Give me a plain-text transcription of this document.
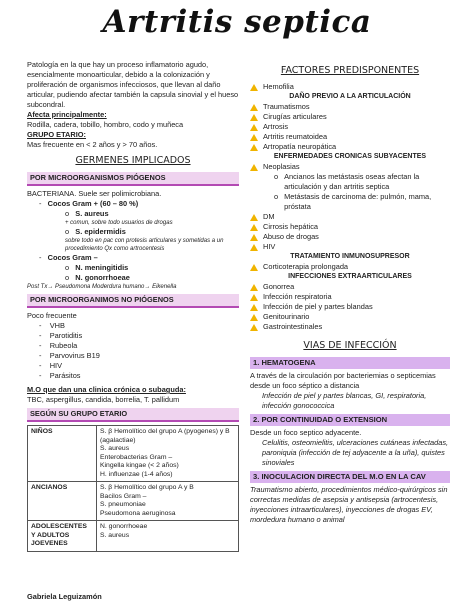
Artritis septica

Patología en la que hay un proceso inflamatorio agudo, esencialmente monoarticular, debido a la colonización y proliferación de organismos infecciosos, que llevan al daño articular, pudiendo afectar también la capsula sinovial y el hueso subcondral.

Afecta principalmente:

Rodilla, cadera, tobillo, hombro, codo y muñeca

GRUPO ETARIO:

Mas frecuente en < 2 años y > 70 años.

GERMENES IMPLICADOS
POR MICROORGANISMOS PIÓGENOS

BACTERIANA. Suele ser polimicrobiana.

-   Cocos Gram + (60 – 80 %)

o   S. aureus

+ comun, sobre todo usuarios de drogas

o   S. epidermidis

sobre todo en pac con protesis articulares y sometidas a un procedimiento Qx como artrocentesis

-   Cocos Gram –

o   N. meningitidis

o   N. gonorrhoeae

Post Tx→ Pseudomona Moderdura humano→ Eikenella

POR MICROORGANIMOS NO PIÓGENOS

Poco frecuente

-    VHB

-    Parotiditis

-    Rubeola

-    Parvovirus B19

-    HIV

-    Parásitos

M.O que dan una clinica crónica o subaguda:

TBC, aspergillus, candida, borrelia, T. pallidum

SEGÚN SU GRUPO ETARIO
NIÑOS	S. β Hemolítico del grupo A (pyogenes) y B (agalactiae)
S. aureus
Enterobacterias Gram –
Kingella kingae (< 2 años)
H. influenzae (1-4 años)

ANCIANOS	S. β Hemolítico del grupo A y B
Bacilos Gram –
S. pneumoniae
Pseudomona aeruginosa

ADOLESCENTES Y ADULTOS JOEVENES	N. gonorrhoeae
S. aureus
Gabriela Leguizamón
FACTORES PREDISPONENTES
Hemofilia
DAÑO PREVIO A LA ARTICULACIÓN
Traumatismos
Cirugías articulares
Artrosis
Artritis reumatoidea
Artropatía neuropática
ENFERMEDADES CRONICAS SUBYACENTES
Neoplasias
o Ancianos las metástasis oseas afectan la articulación y dan artritis septica
o Metástasis de carcinoma de: pulmón, mama, próstata
DM
Cirrosis hepática
Abuso de drogas
HIV
TRATAMIENTO INMUNOSUPRESOR
Corticoterapia prolongada
INFECCIONES EXTRAARTICULARES
Gonorrea
Infección respiratoria
Infección de piel y partes blandas
Genitourinario
Gastrointestinales
VIAS DE INFECCIÓN
1. HEMATOGENA

A través de la circulación por bacteriemias o septicemias desde un foco séptico a distancia

Infección de piel y partes blancas, GI, respiratoria, infección gonococcica

2. POR CONTINUIDAD O EXTENSION

Desde un foco septico adyacente.

Celulitis, osteomielitis, ulceraciones cutáneas infectadas, paroniquia (infección de tej adyacente a la uña), quistes sinoviales

3. INOCULACION DIRECTA DEL M.O EN LA CAV

Traumatismo abierto, procedimientos médico-quirúrgicos sin correctas medidas de asepsia y antisepsia (artrocentesis, inyecciones intraarticulares), inyecciones de drogas EV, mordedura humano o animal
